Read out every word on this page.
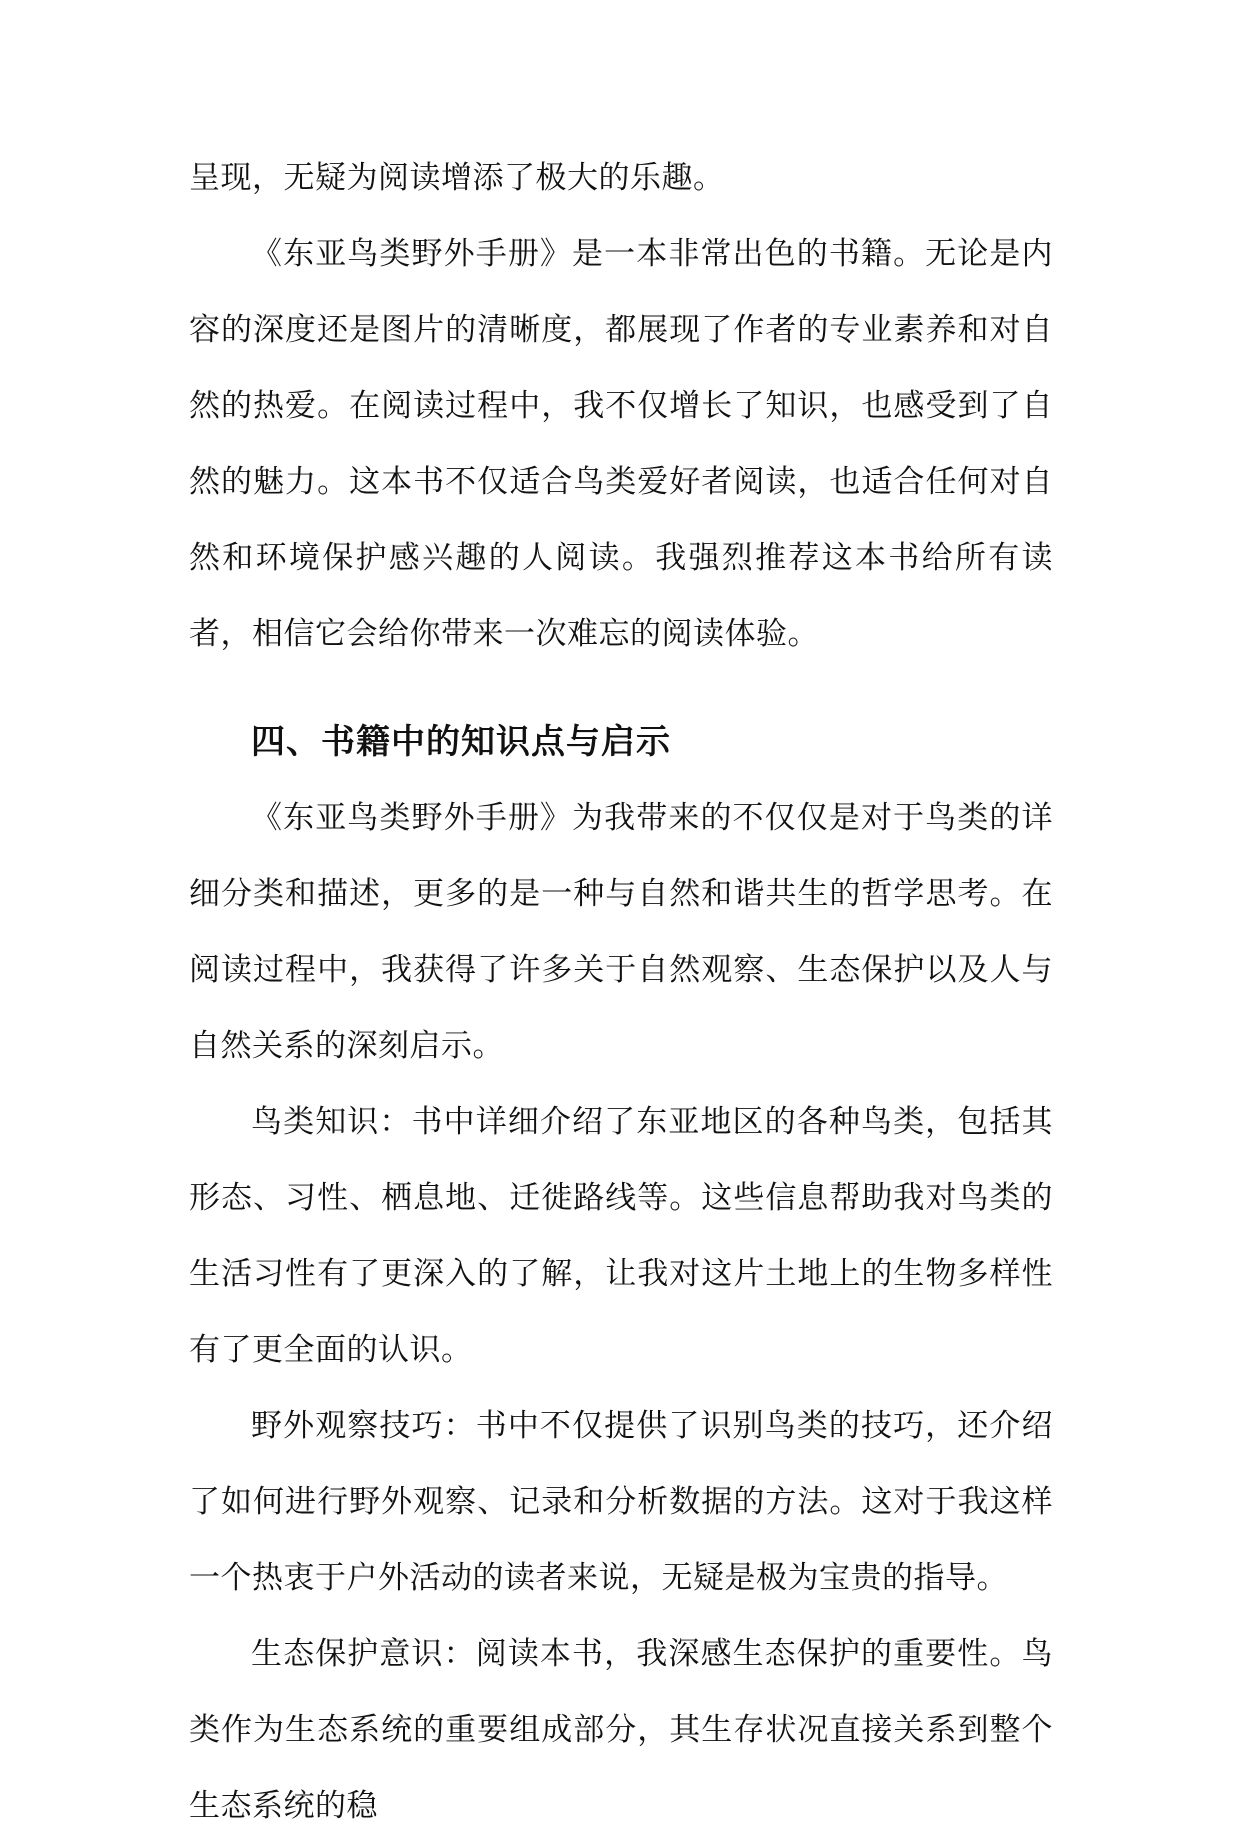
呈现，无疑为阅读增添了极大的乐趣。

《东亚鸟类野外手册》是一本非常出色的书籍。无论是内容的深度还是图片的清晰度，都展现了作者的专业素养和对自然的热爱。在阅读过程中，我不仅增长了知识，也感受到了自然的魅力。这本书不仅适合鸟类爱好者阅读，也适合任何对自然和环境保护感兴趣的人阅读。我强烈推荐这本书给所有读者，相信它会给你带来一次难忘的阅读体验。

四、书籍中的知识点与启示

《东亚鸟类野外手册》为我带来的不仅仅是对于鸟类的详细分类和描述，更多的是一种与自然和谐共生的哲学思考。在阅读过程中，我获得了许多关于自然观察、生态保护以及人与自然关系的深刻启示。

鸟类知识：书中详细介绍了东亚地区的各种鸟类，包括其形态、习性、栖息地、迁徙路线等。这些信息帮助我对鸟类的生活习性有了更深入的了解，让我对这片土地上的生物多样性有了更全面的认识。

野外观察技巧：书中不仅提供了识别鸟类的技巧，还介绍了如何进行野外观察、记录和分析数据的方法。这对于我这样一个热衷于户外活动的读者来说，无疑是极为宝贵的指导。

生态保护意识：阅读本书，我深感生态保护的重要性。鸟类作为生态系统的重要组成部分，其生存状况直接关系到整个生态系统的稳
